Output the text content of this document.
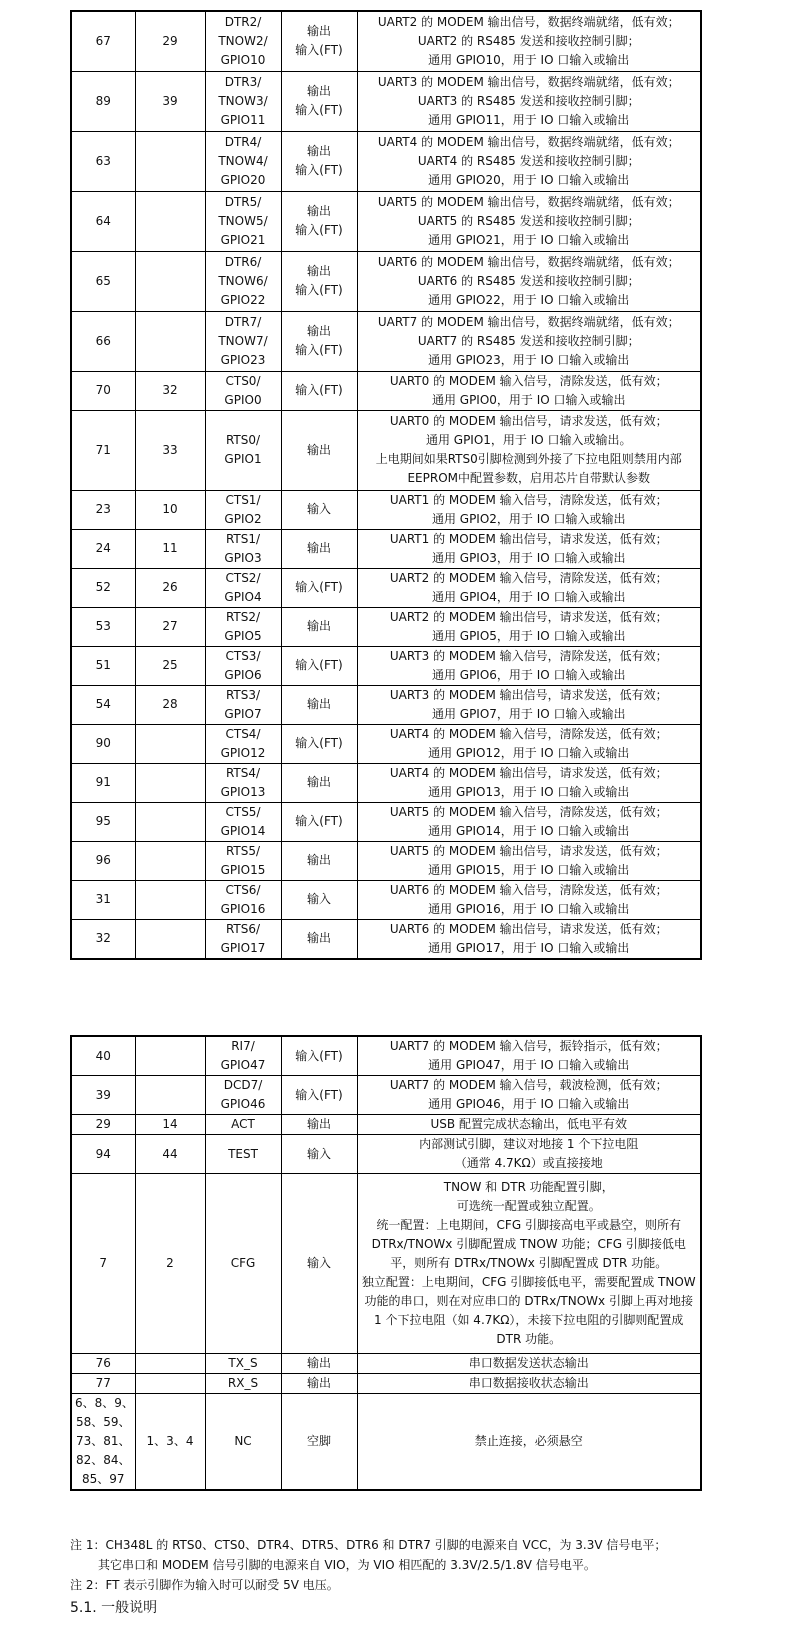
67	29	DTR2/
TNOW2/
GPIO10	输出
输入(FT)	UART2 的 MODEM 输出信号，数据终端就绪，低有效；
UART2 的 RS485 发送和接收控制引脚；
通用 GPIO10，用于 IO 口输入或输出

89	39	DTR3/
TNOW3/
GPIO11	输出
输入(FT)	UART3 的 MODEM 输出信号，数据终端就绪，低有效；
UART3 的 RS485 发送和接收控制引脚；
通用 GPIO11，用于 IO 口输入或输出

63		DTR4/
TNOW4/
GPIO20	输出
输入(FT)	UART4 的 MODEM 输出信号，数据终端就绪，低有效；
UART4 的 RS485 发送和接收控制引脚；
通用 GPIO20，用于 IO 口输入或输出

64		DTR5/
TNOW5/
GPIO21	输出
输入(FT)	UART5 的 MODEM 输出信号，数据终端就绪，低有效；
UART5 的 RS485 发送和接收控制引脚；
通用 GPIO21，用于 IO 口输入或输出

65		DTR6/
TNOW6/
GPIO22	输出
输入(FT)	UART6 的 MODEM 输出信号，数据终端就绪，低有效；
UART6 的 RS485 发送和接收控制引脚；
通用 GPIO22，用于 IO 口输入或输出

66		DTR7/
TNOW7/
GPIO23	输出
输入(FT)	UART7 的 MODEM 输出信号，数据终端就绪，低有效；
UART7 的 RS485 发送和接收控制引脚；
通用 GPIO23，用于 IO 口输入或输出

70	32	CTS0/
GPIO0	输入(FT)	UART0 的 MODEM 输入信号，清除发送，低有效；
通用 GPIO0，用于 IO 口输入或输出

71	33	RTS0/
GPIO1	输出	UART0 的 MODEM 输出信号，请求发送，低有效；
通用 GPIO1，用于 IO 口输入或输出。
上电期间如果RTS0引脚检测到外接了下拉电阻则禁用内部EEPROM中配置参数，启用芯片自带默认参数

23	10	CTS1/
GPIO2	输入	UART1 的 MODEM 输入信号，清除发送，低有效；
通用 GPIO2，用于 IO 口输入或输出

24	11	RTS1/
GPIO3	输出	UART1 的 MODEM 输出信号，请求发送，低有效；
通用 GPIO3，用于 IO 口输入或输出

52	26	CTS2/
GPIO4	输入(FT)	UART2 的 MODEM 输入信号，清除发送，低有效；
通用 GPIO4，用于 IO 口输入或输出

53	27	RTS2/
GPIO5	输出	UART2 的 MODEM 输出信号，请求发送，低有效；
通用 GPIO5，用于 IO 口输入或输出

51	25	CTS3/
GPIO6	输入(FT)	UART3 的 MODEM 输入信号，清除发送，低有效；
通用 GPIO6，用于 IO 口输入或输出

54	28	RTS3/
GPIO7	输出	UART3 的 MODEM 输出信号，请求发送，低有效；
通用 GPIO7，用于 IO 口输入或输出

90		CTS4/
GPIO12	输入(FT)	UART4 的 MODEM 输入信号，清除发送，低有效；
通用 GPIO12，用于 IO 口输入或输出

91		RTS4/
GPIO13	输出	UART4 的 MODEM 输出信号，请求发送，低有效；
通用 GPIO13，用于 IO 口输入或输出

95		CTS5/
GPIO14	输入(FT)	UART5 的 MODEM 输入信号，清除发送，低有效；
通用 GPIO14，用于 IO 口输入或输出

96		RTS5/
GPIO15	输出	UART5 的 MODEM 输出信号，请求发送，低有效；
通用 GPIO15，用于 IO 口输入或输出

31		CTS6/
GPIO16	输入	UART6 的 MODEM 输入信号，清除发送，低有效；
通用 GPIO16，用于 IO 口输入或输出

32		RTS6/
GPIO17	输出	UART6 的 MODEM 输出信号，请求发送，低有效；
通用 GPIO17，用于 IO 口输入或输出
40		RI7/
GPIO47	输入(FT)	UART7 的 MODEM 输入信号，振铃指示，低有效；
通用 GPIO47，用于 IO 口输入或输出

39		DCD7/
GPIO46	输入(FT)	UART7 的 MODEM 输入信号，载波检测，低有效；
通用 GPIO46，用于 IO 口输入或输出

29	14	ACT	输出	USB 配置完成状态输出，低电平有效

94	44	TEST	输入	内部测试引脚，建议对地接 1 个下拉电阻
（通常 4.7KΩ）或直接接地

7	2	CFG	输入	TNOW 和 DTR 功能配置引脚，
可选统一配置或独立配置。
统一配置：上电期间，CFG 引脚接高电平或悬空，则所有 DTRx/TNOWx 引脚配置成 TNOW 功能；CFG 引脚接低电平，则所有 DTRx/TNOWx 引脚配置成 DTR 功能。
独立配置：上电期间，CFG 引脚接低电平，需要配置成 TNOW 功能的串口，则在对应串口的 DTRx/TNOWx 引脚上再对地接 1 个下拉电阻（如 4.7KΩ），未接下拉电阻的引脚则配置成 DTR 功能。

76		TX_S	输出	串口数据发送状态输出

77		RX_S	输出	串口数据接收状态输出

6、8、9、
58、59、
73、81、
82、84、
85、97	1、3、4	NC	空脚	禁止连接，必须悬空
注 1：CH348L 的 RTS0、CTS0、DTR4、DTR5、DTR6 和 DTR7 引脚的电源来自 VCC，为 3.3V 信号电平；
其它串口和 MODEM 信号引脚的电源来自 VIO，为 VIO 相匹配的 3.3V/2.5/1.8V 信号电平。
注 2：FT 表示引脚作为输入时可以耐受 5V 电压。
5.1. 一般说明
